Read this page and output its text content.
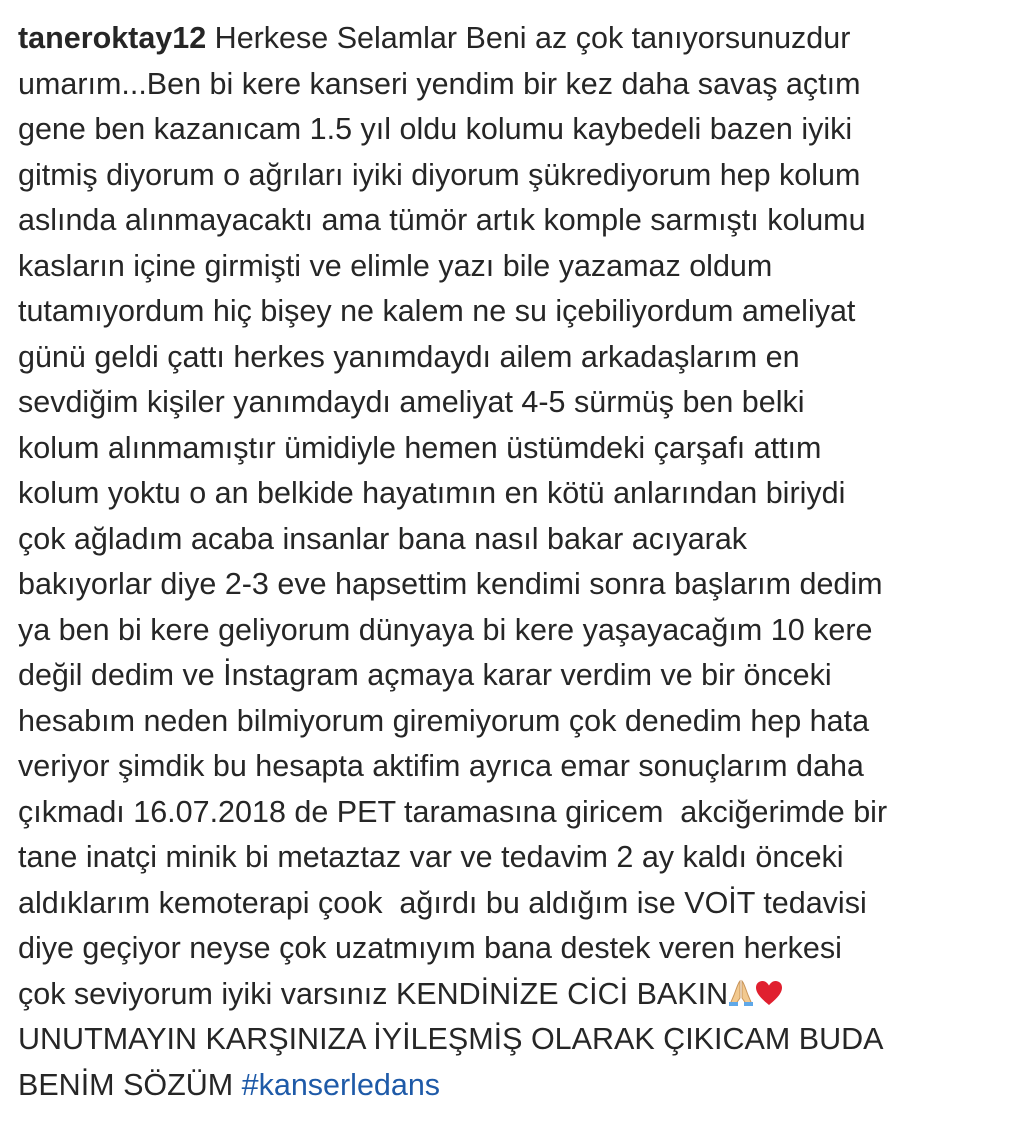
taneroktay12 Herkese Selamlar Beni az çok tanıyorsunuzdur
umarım...Ben bi kere kanseri yendim bir kez daha savaş açtım
gene ben kazanıcam 1.5 yıl oldu kolumu kaybedeli bazen iyiki
gitmiş diyorum o ağrıları iyiki diyorum şükrediyorum hep kolum
aslında alınmayacaktı ama tümör artık komple sarmıştı kolumu
kasların içine girmişti ve elimle yazı bile yazamaz oldum
tutamıyordum hiç bişey ne kalem ne su içebiliyordum ameliyat
günü geldi çattı herkes yanımdaydı ailem arkadaşlarım en
sevdiğim kişiler yanımdaydı ameliyat 4-5 sürmüş ben belki
kolum alınmamıştır ümidiyle hemen üstümdeki çarşafı attım
kolum yoktu o an belkide hayatımın en kötü anlarından biriydi
çok ağladım acaba insanlar bana nasıl bakar acıyarak
bakıyorlar diye 2-3 eve hapsettim kendimi sonra başlarım dedim
ya ben bi kere geliyorum dünyaya bi kere yaşayacağım 10 kere
değil dedim ve İnstagram açmaya karar verdim ve bir önceki
hesabım neden bilmiyorum giremiyorum çok denedim hep hata
veriyor şimdik bu hesapta aktifim ayrıca emar sonuçlarım daha
çıkmadı 16.07.2018 de PET taramasına giricem  akciğerimde bir
tane inatçi minik bi metaztaz var ve tedavim 2 ay kaldı önceki
aldıklarım kemoterapi çook  ağırdı bu aldığım ise VOİT tedavisi
diye geçiyor neyse çok uzatmıyım bana destek veren herkesi
çok seviyorum iyiki varsınız KENDİNİZE CİCİ BAKIN
UNUTMAYIN KARŞINIZA İYİLEŞMİŞ OLARAK ÇIKICAM BUDA
BENİM SÖZÜM #kanserledans
